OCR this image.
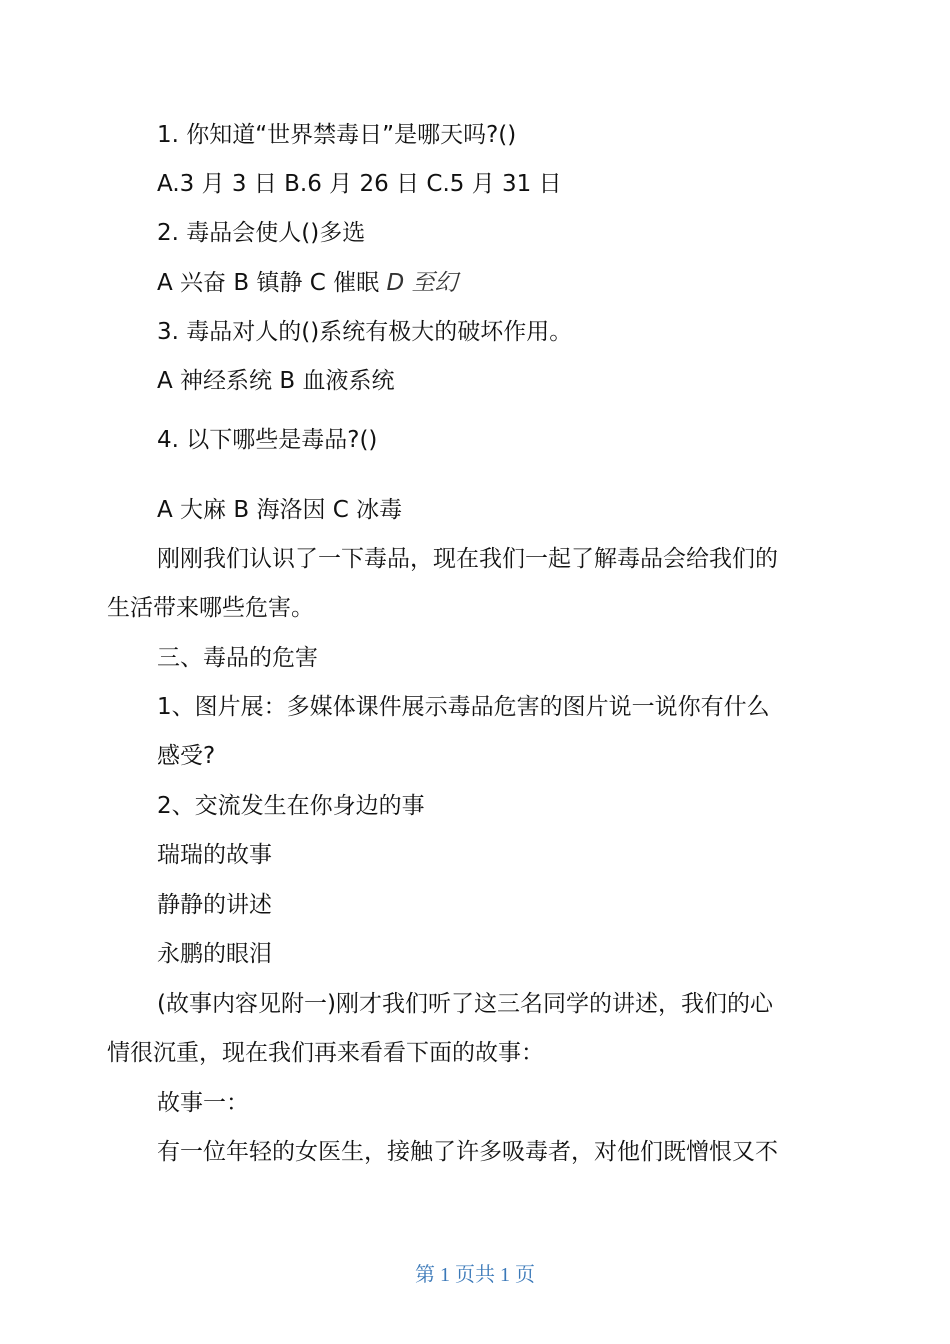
1. 你知道“世界禁毒日”是哪天吗?()
A.3 月 3 日 B.6 月 26 日 C.5 月 31 日
2. 毒品会使人()多选
A 兴奋 B 镇静 C 催眠 D 至幻
3. 毒品对人的()系统有极大的破坏作用。
A 神经系统 B 血液系统
4. 以下哪些是毒品?()
A 大麻 B 海洛因 C 冰毒
刚刚我们认识了一下毒品，现在我们一起了解毒品会给我们的
生活带来哪些危害。
三、毒品的危害
1、图片展：多媒体课件展示毒品危害的图片说一说你有什么
感受?
2、交流发生在你身边的事
瑞瑞的故事
静静的讲述
永鹏的眼泪
(故事内容见附一)刚才我们听了这三名同学的讲述，我们的心
情很沉重，现在我们再来看看下面的故事：
故事一：
有一位年轻的女医生，接触了许多吸毒者，对他们既憎恨又不
第 1 页共 1 页
